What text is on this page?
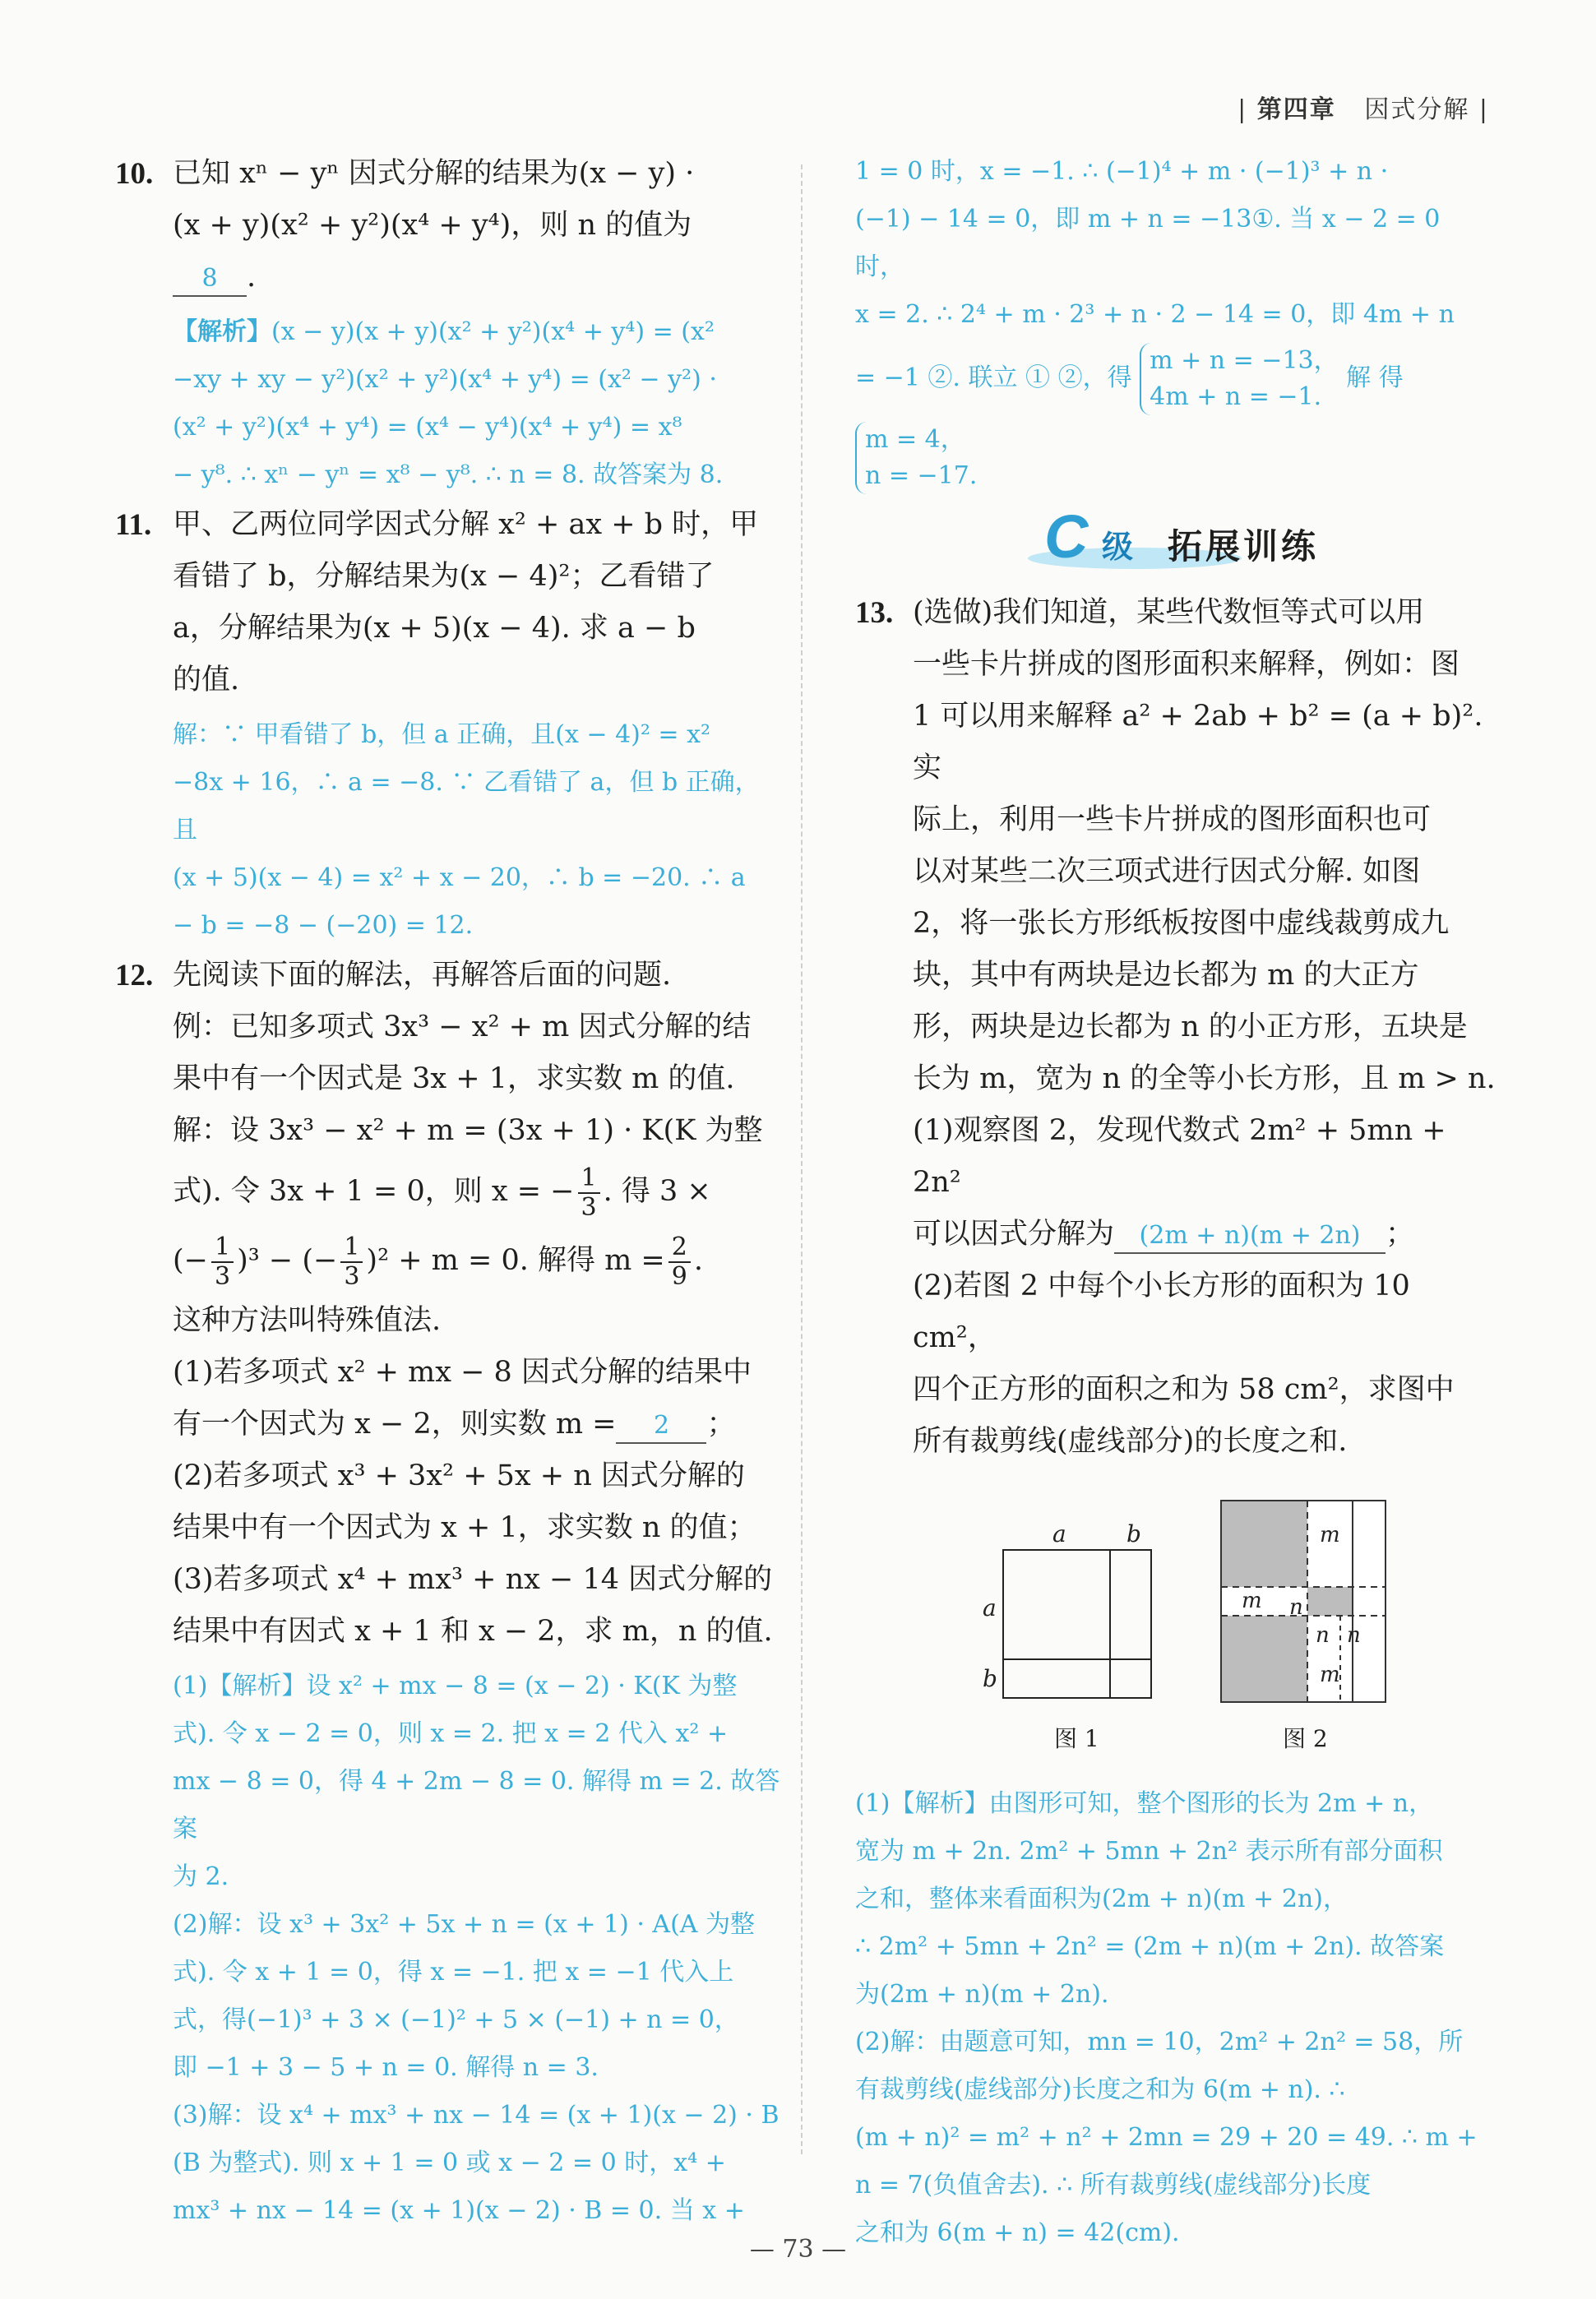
| 第四章 因式分解 |
10. 已知 xⁿ − yⁿ 因式分解的结果为(x − y) ·
(x + y)(x² + y²)(x⁴ + y⁴)，则 n 的值为
8 .
【解析】(x − y)(x + y)(x² + y²)(x⁴ + y⁴) = (x²
−xy + xy − y²)(x² + y²)(x⁴ + y⁴) = (x² − y²) ·
(x² + y²)(x⁴ + y⁴) = (x⁴ − y⁴)(x⁴ + y⁴) = x⁸
− y⁸. ∴ xⁿ − yⁿ = x⁸ − y⁸. ∴ n = 8. 故答案为 8.
11. 甲、乙两位同学因式分解 x² + ax + b 时，甲
看错了 b，分解结果为(x − 4)²；乙看错了
a，分解结果为(x + 5)(x − 4). 求 a − b
的值.
解：∵ 甲看错了 b，但 a 正确，且(x − 4)² = x²
−8x + 16，∴ a = −8. ∵ 乙看错了 a，但 b 正确，且
(x + 5)(x − 4) = x² + x − 20，∴ b = −20. ∴ a
− b = −8 − (−20) = 12.
12. 先阅读下面的解法，再解答后面的问题.
例：已知多项式 3x³ − x² + m 因式分解的结
果中有一个因式是 3x + 1，求实数 m 的值.
解：设 3x³ − x² + m = (3x + 1) · K(K 为整
式). 令 3x + 1 = 0，则 x = − $\frac{1}{3}$ . 得 3 ×
(− $\frac{1}{3} )^3$ − (− $\frac{1}{3} )^2 + m = 0$. 解得 $m = \frac{2}{9}$ .
这种方法叫特殊值法.
(1)若多项式 x² + mx − 8 因式分解的结果中
有一个因式为 x − 2，则实数 m = 2 ；
(2)若多项式 x³ + 3x² + 5x + n 因式分解的
结果中有一个因式为 x + 1，求实数 n 的值；
(3)若多项式 x⁴ + mx³ + nx − 14 因式分解的
结果中有因式 x + 1 和 x − 2，求 m，n 的值.
(1)【解析】设 x² + mx − 8 = (x − 2) · K(K 为整
式). 令 x − 2 = 0，则 x = 2. 把 x = 2 代入 x² +
mx − 8 = 0，得 4 + 2m − 8 = 0. 解得 m = 2. 故答案
为 2.
(2)解：设 x³ + 3x² + 5x + n = (x + 1) · A(A 为整
式). 令 x + 1 = 0，得 x = −1. 把 x = −1 代入上
式，得(−1)³ + 3 × (−1)² + 5 × (−1) + n = 0，
即 −1 + 3 − 5 + n = 0. 解得 n = 3.
(3)解：设 x⁴ + mx³ + nx − 14 = (x + 1)(x − 2) · B
(B 为整式). 则 x + 1 = 0 或 x − 2 = 0 时，x⁴ +
mx³ + nx − 14 = (x + 1)(x − 2) · B = 0. 当 x +
1 = 0 时，x = −1. ∴ (−1)⁴ + m · (−1)³ + n ·
(−1) − 14 = 0，即 m + n = −13①. 当 x − 2 = 0 时，
x = 2. ∴ 2⁴ + m · 2³ + n · 2 − 14 = 0，即 4m + n
= −1 ②. 联立 ① ②，得
m + n = −13，
4m + n = −1.
解 得
m = 4，
n = −17.
C 级 拓展训练
13. (选做)我们知道，某些代数恒等式可以用
一些卡片拼成的图形面积来解释，例如：图
1 可以用来解释 a² + 2ab + b² = (a + b)². 实
际上，利用一些卡片拼成的图形面积也可
以对某些二次三项式进行因式分解. 如图
2，将一张长方形纸板按图中虚线裁剪成九
块，其中有两块是边长都为 m 的大正方
形，两块是边长都为 n 的小正方形，五块是
长为 m，宽为 n 的全等小长方形，且 m > n.
(1)观察图 2，发现代数式 2m² + 5mn + 2n²
可以因式分解为 (2m + n)(m + 2n) ；
(2)若图 2 中每个小长方形的面积为 10 cm²，
四个正方形的面积之和为 58 cm²，求图中
所有裁剪线(虚线部分)的长度之和.
a	b
a
b
m
m n
n n
m
图 1	图 2
(1)【解析】由图形可知，整个图形的长为 2m + n，
宽为 m + 2n. 2m² + 5mn + 2n² 表示所有部分面积
之和，整体来看面积为(2m + n)(m + 2n)，
∴ 2m² + 5mn + 2n² = (2m + n)(m + 2n). 故答案
为(2m + n)(m + 2n).
(2)解：由题意可知，mn = 10，2m² + 2n² = 58，所
有裁剪线(虚线部分)长度之和为 6(m + n). ∴
(m + n)² = m² + n² + 2mn = 29 + 20 = 49. ∴ m +
n = 7(负值舍去). ∴ 所有裁剪线(虚线部分)长度
之和为 6(m + n) = 42(cm).
— 73 —
